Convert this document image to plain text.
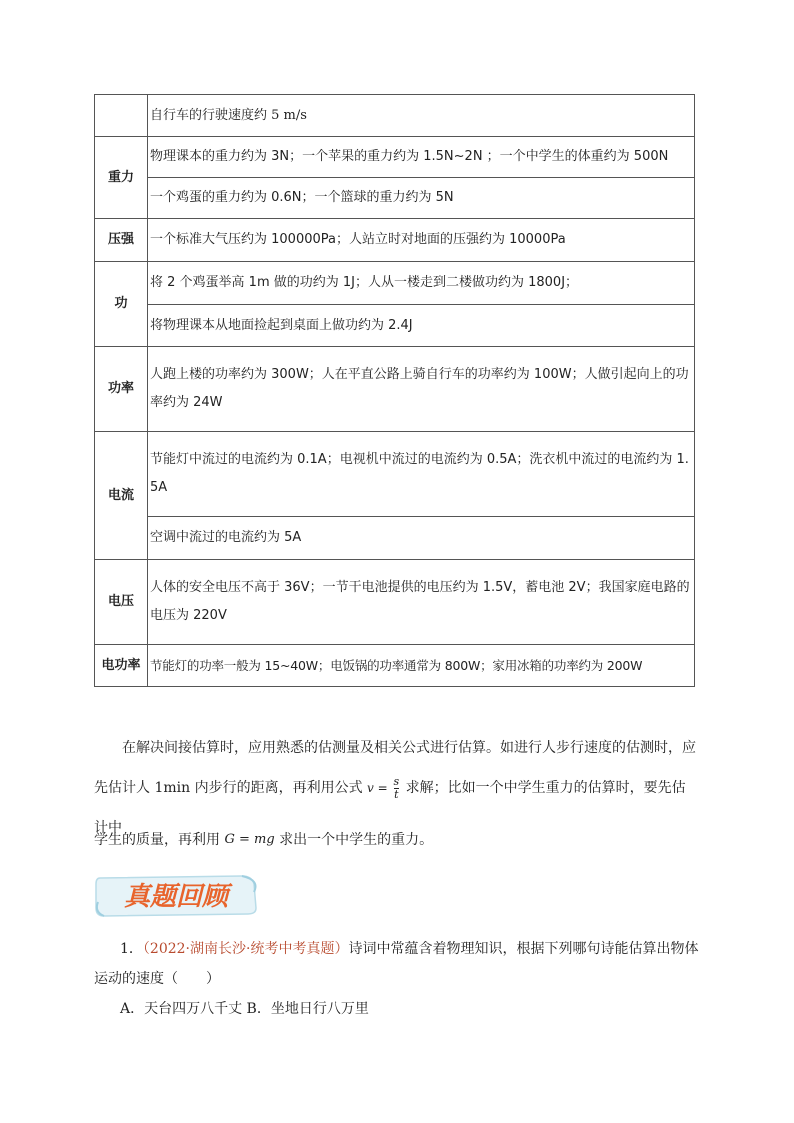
	自行车的行驶速度约 5 m/s
重力	物理课本的重力约为 3N；一个苹果的重力约为 1.5N~2N ；一个中学生的体重约为 500N
	一个鸡蛋的重力约为 0.6N；一个篮球的重力约为 5N
压强	一个标准大气压约为 100000Pa；人站立时对地面的压强约为 10000Pa
功	将 2 个鸡蛋举高 1m 做的功约为 1J；人从一楼走到二楼做功约为 1800J；
	将物理课本从地面捡起到桌面上做功约为 2.4J
功率	人跑上楼的功率约为 300W；人在平直公路上骑自行车的功率约为 100W；人做引起向上的功率约为 24W
电流	节能灯中流过的电流约为 0.1A；电视机中流过的电流约为 0.5A；洗衣机中流过的电流约为 1.5A
	空调中流过的电流约为 5A
电压	人体的安全电压不高于 36V；一节干电池提供的电压约为 1.5V，蓄电池 2V；我国家庭电路的电压为 220V
电功率	节能灯的功率一般为 15~40W；电饭锅的功率通常为 800W；家用冰箱的功率约为 200W
在解决间接估算时，应用熟悉的估测量及相关公式进行估算。如进行人步行速度的估测时，应
先估计人 1min 内步行的距离，再利用公式 $v = \frac{s}{t}$ 求解；比如一个中学生重力的估算时，要先估计中
学生的质量，再利用 G = mg 求出一个中学生的重力。
真题回顾
1．（2022·湖南长沙·统考中考真题）诗词中常蕴含着物理知识，根据下列哪句诗能估算出物体
运动的速度（　　）
A．天台四万八千丈 B．坐地日行八万里
